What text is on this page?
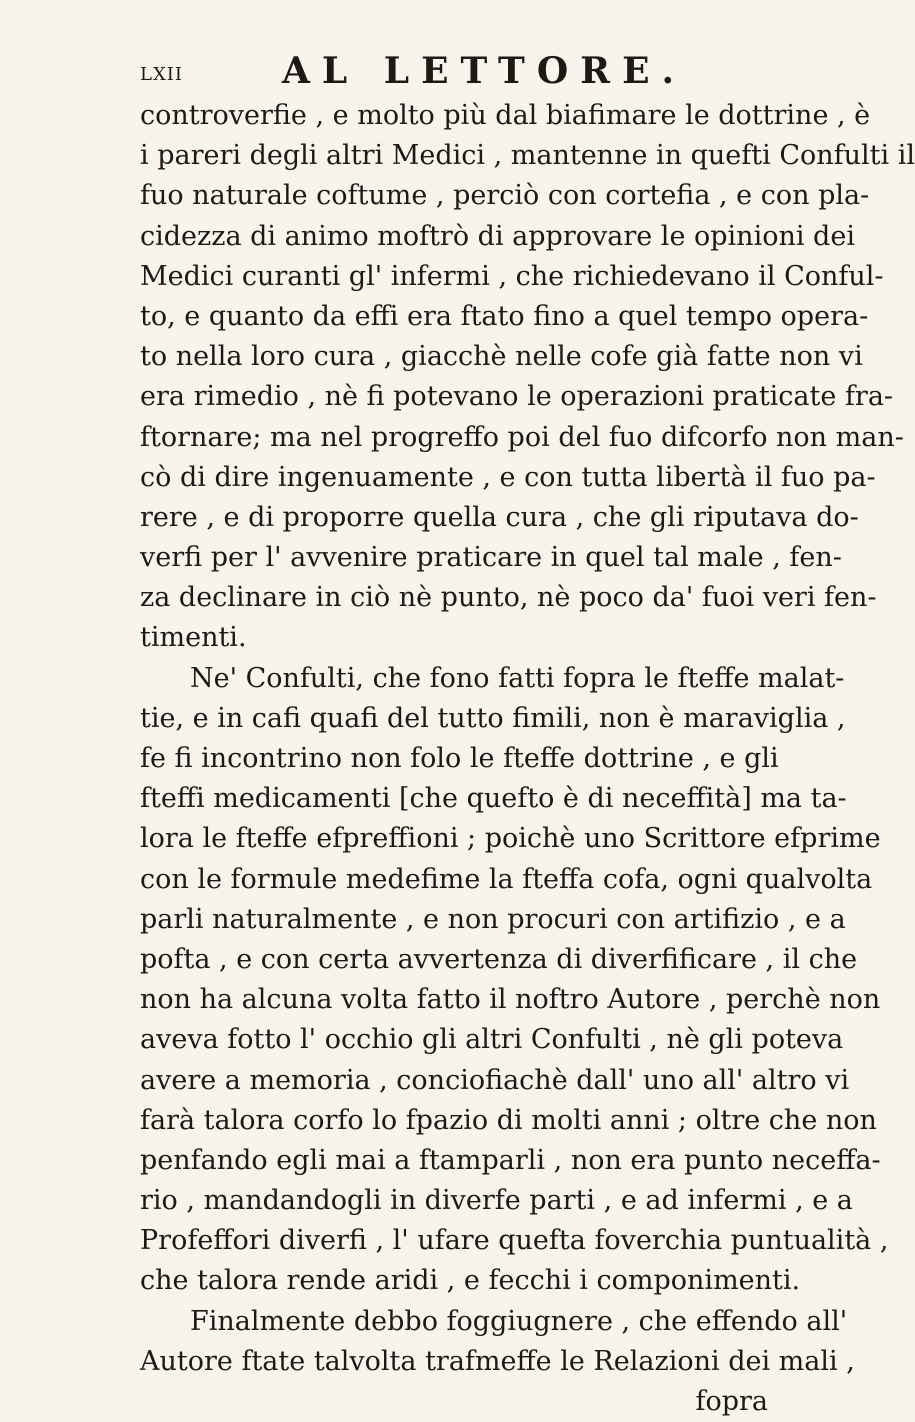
LXII	AL LETTORE.
controverfie , e molto più dal biafimare le dottrine , è
i pareri degli altri Medici , mantenne in quefti Confulti il
fuo naturale coftume , perciò con cortefia , e con pla-
cidezza di animo moftrò di approvare le opinioni dei
Medici curanti gl' infermi , che richiedevano il Conful-
to, e quanto da effi era ftato fino a quel tempo opera-
to nella loro cura , giacchè nelle cofe già fatte non vi
era rimedio , nè fi potevano le operazioni praticate fra-
ftornare; ma nel progreffo poi del fuo difcorfo non man-
cò di dire ingenuamente , e con tutta libertà il fuo pa-
rere , e di proporre quella cura , che gli riputava do-
verfi per l' avvenire praticare in quel tal male , fen-
za declinare in ciò nè punto, nè poco da' fuoi veri fen-
timenti.
Ne' Confulti, che fono fatti fopra le fteffe malat-
tie, e in cafi quafi del tutto fimili, non è maraviglia ,
fe fi incontrino non folo le fteffe dottrine , e gli
fteffi medicamenti [che quefto è di neceffità] ma ta-
lora le fteffe efpreffioni ; poichè uno Scrittore efprime
con le formule medefime la fteffa cofa, ogni qualvolta
parli naturalmente , e non procuri con artifizio , e a
pofta , e con certa avvertenza di diverfificare , il che
non ha alcuna volta fatto il noftro Autore , perchè non
aveva fotto l' occhio gli altri Confulti , nè gli poteva
avere a memoria , conciofiachè dall' uno all' altro vi
farà talora corfo lo fpazio di molti anni ; oltre che non
penfando egli mai a ftamparli , non era punto neceffa-
rio , mandandogli in diverfe parti , e ad infermi , e a
Profeffori diverfi , l' ufare quefta foverchia puntualità ,
che talora rende aridi , e fecchi i componimenti.
Finalmente debbo foggiugnere , che effendo all'
Autore ftate talvolta trafmeffe le Relazioni dei mali ,
fopra
